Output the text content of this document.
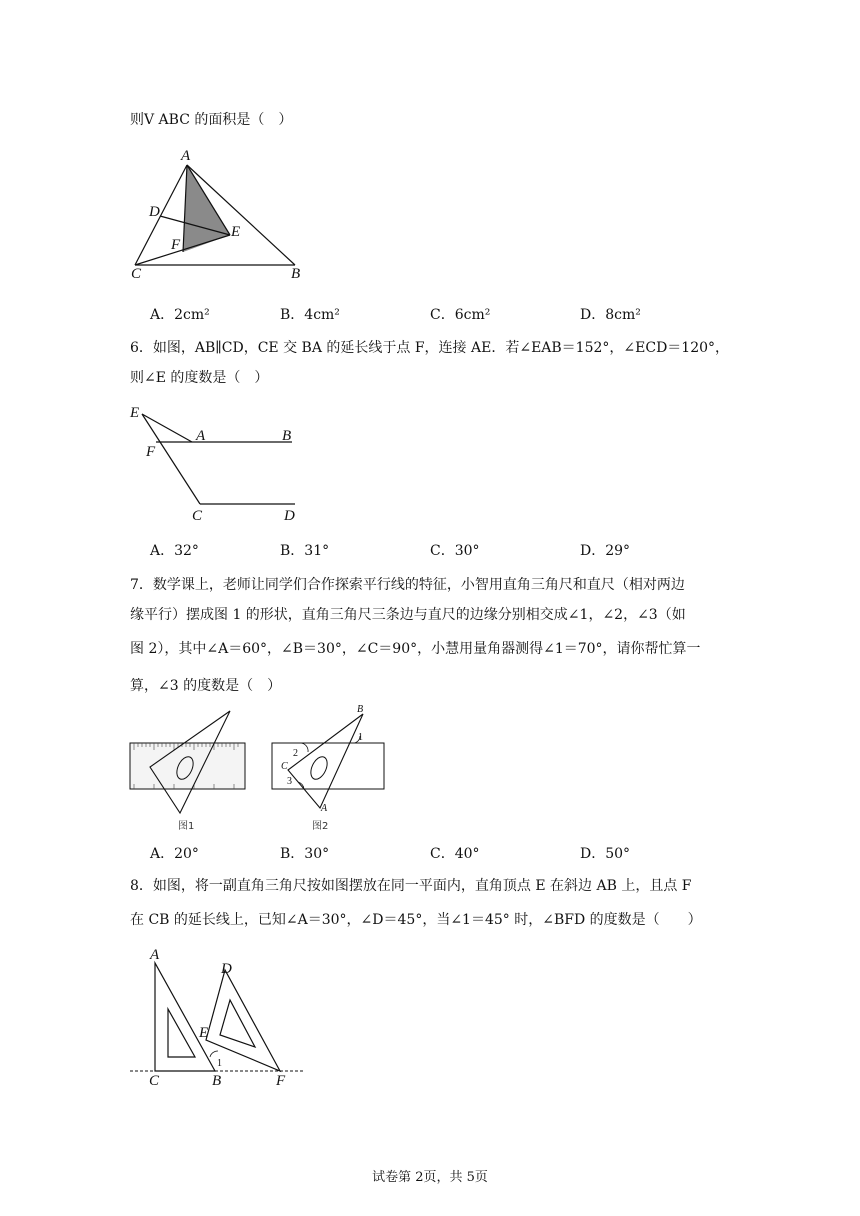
则V ABC 的面积是（　）
A
D
F
E
C	B
A．2cm²	B．4cm²	C．6cm²	D．8cm²
6．如图，AB∥CD，CE 交 BA 的延长线于点 F，连接 AE．若∠EAB＝152°，∠ECD＝120°，
则∠E 的度数是（　）
E
F
A	B
C	D
A．32°	B．31°	C．30°	D．29°
7．数学课上，老师让同学们合作探索平行线的特征，小智用直角三角尺和直尺（相对两边
缘平行）摆成图 1 的形状，直角三角尺三条边与直尺的边缘分别相交成∠1，∠2，∠3（如
图 2），其中∠A＝60°，∠B＝30°，∠C＝90°，小慧用量角器测得∠1＝70°，请你帮忙算一
算，∠3 的度数是（　）
图1
B
1
2
C
3
A
图2
A．20°	B．30°	C．40°	D．50°
8．如图，将一副直角三角尺按如图摆放在同一平面内，直角顶点 E 在斜边 AB 上，且点 F
在 CB 的延长线上，已知∠A＝30°，∠D＝45°，当∠1＝45° 时，∠BFD 的度数是（　　）
A
D
E
1
C	B	F
试卷第 2页，共 5页
